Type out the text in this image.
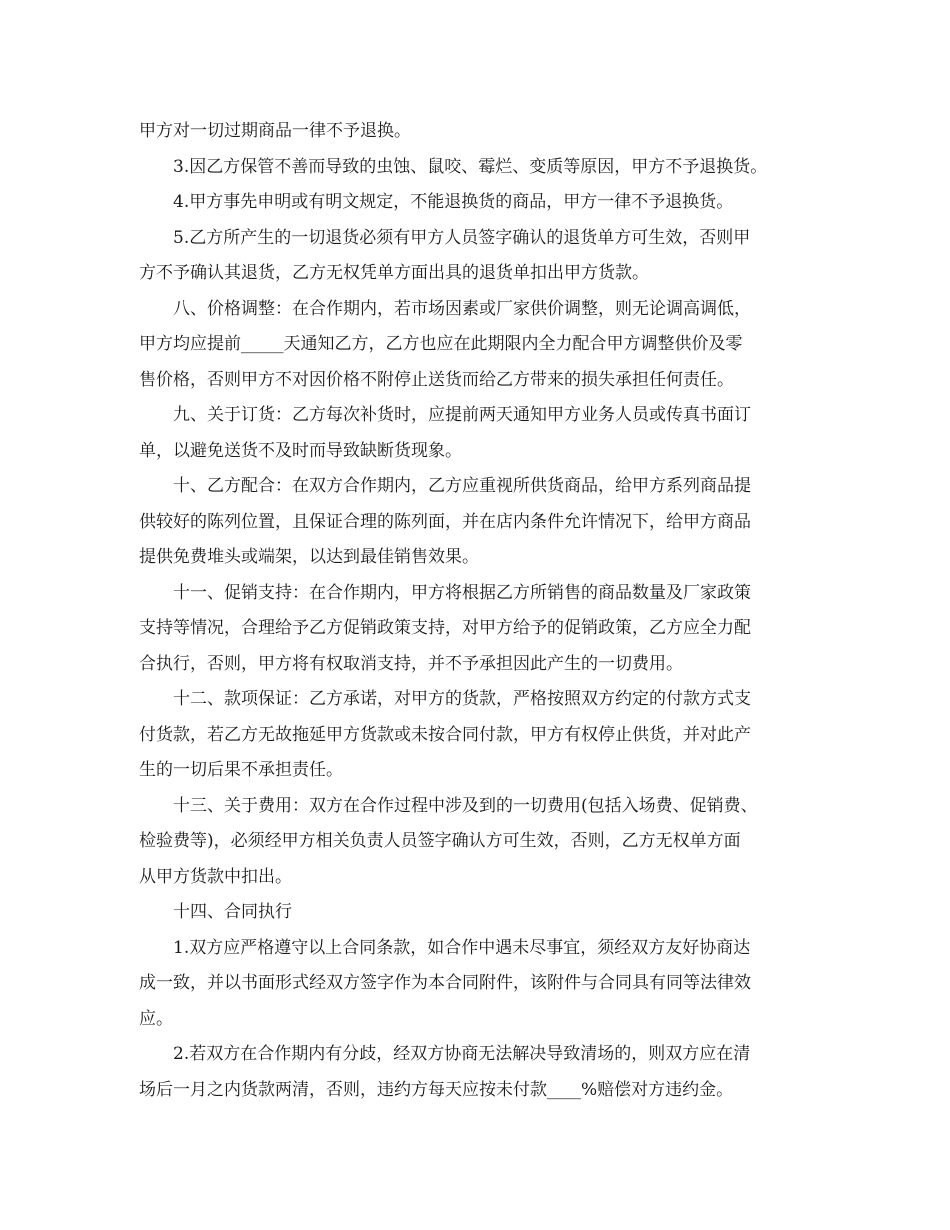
甲方对一切过期商品一律不予退换。
3.因乙方保管不善而导致的虫蚀、鼠咬、霉烂、变质等原因，甲方不予退换货。
4.甲方事先申明或有明文规定，不能退换货的商品，甲方一律不予退换货。
5.乙方所产生的一切退货必须有甲方人员签字确认的退货单方可生效，否则甲
方不予确认其退货，乙方无权凭单方面出具的退货单扣出甲方货款。
八、价格调整：在合作期内，若市场因素或厂家供价调整，则无论调高调低，
甲方均应提前_____天通知乙方，乙方也应在此期限内全力配合甲方调整供价及零
售价格，否则甲方不对因价格不附停止送货而给乙方带来的损失承担任何责任。
九、关于订货：乙方每次补货时，应提前两天通知甲方业务人员或传真书面订
单，以避免送货不及时而导致缺断货现象。
十、乙方配合：在双方合作期内，乙方应重视所供货商品，给甲方系列商品提
供较好的陈列位置，且保证合理的陈列面，并在店内条件允许情况下，给甲方商品
提供免费堆头或端架，以达到最佳销售效果。
十一、促销支持：在合作期内，甲方将根据乙方所销售的商品数量及厂家政策
支持等情况，合理给予乙方促销政策支持，对甲方给予的促销政策，乙方应全力配
合执行，否则，甲方将有权取消支持，并不予承担因此产生的一切费用。
十二、款项保证：乙方承诺，对甲方的货款，严格按照双方约定的付款方式支
付货款，若乙方无故拖延甲方货款或未按合同付款，甲方有权停止供货，并对此产
生的一切后果不承担责任。
十三、关于费用：双方在合作过程中涉及到的一切费用(包括入场费、促销费、
检验费等)，必须经甲方相关负责人员签字确认方可生效，否则，乙方无权单方面
从甲方货款中扣出。
十四、合同执行
1.双方应严格遵守以上合同条款，如合作中遇未尽事宜，须经双方友好协商达
成一致，并以书面形式经双方签字作为本合同附件，该附件与合同具有同等法律效
应。
2.若双方在合作期内有分歧，经双方协商无法解决导致清场的，则双方应在清
场后一月之内货款两清，否则，违约方每天应按未付款____%赔偿对方违约金。
